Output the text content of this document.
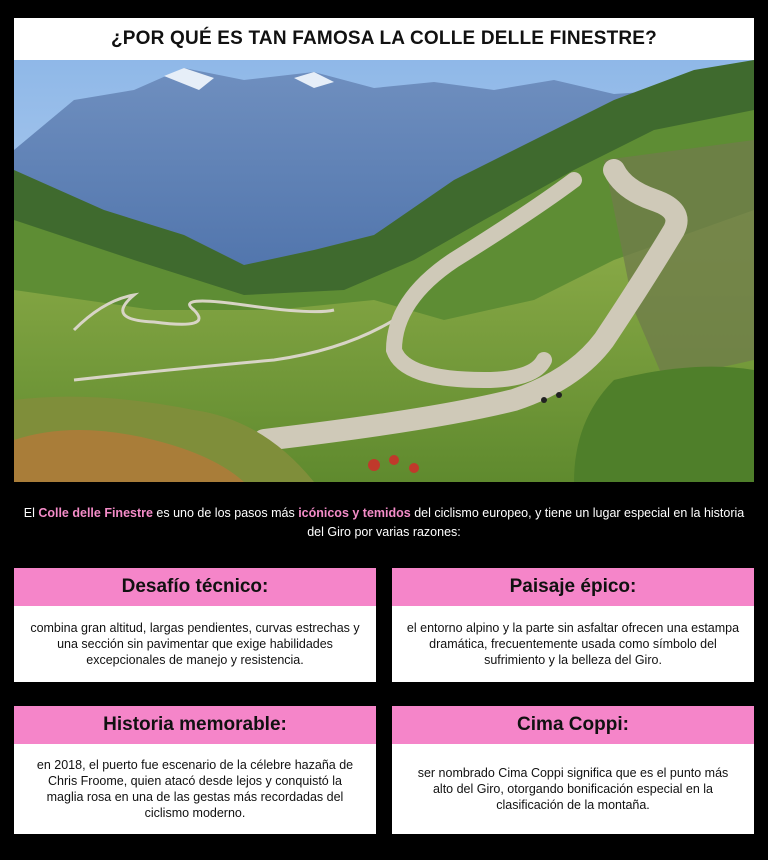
¿POR QUÉ ES TAN FAMOSA LA COLLE DELLE FINESTRE?
El Colle delle Finestre es uno de los pasos más icónicos y temidos del ciclismo europeo, y tiene un lugar especial en la historia del Giro por varias razones:
Desafío técnico:
combina gran altitud, largas pendientes, curvas estrechas y una sección sin pavimentar que exige habilidades excepcionales de manejo y resistencia.
Paisaje épico:
el entorno alpino y la parte sin asfaltar ofrecen una estampa dramática, frecuentemente usada como símbolo del sufrimiento y la belleza del Giro.
Historia memorable:
en 2018, el puerto fue escenario de la célebre hazaña de Chris Froome, quien atacó desde lejos y conquistó la maglia rosa en una de las gestas más recordadas del ciclismo moderno.
Cima Coppi:
ser nombrado Cima Coppi significa que es el punto más alto del Giro, otorgando bonificación especial en la clasificación de la montaña.
